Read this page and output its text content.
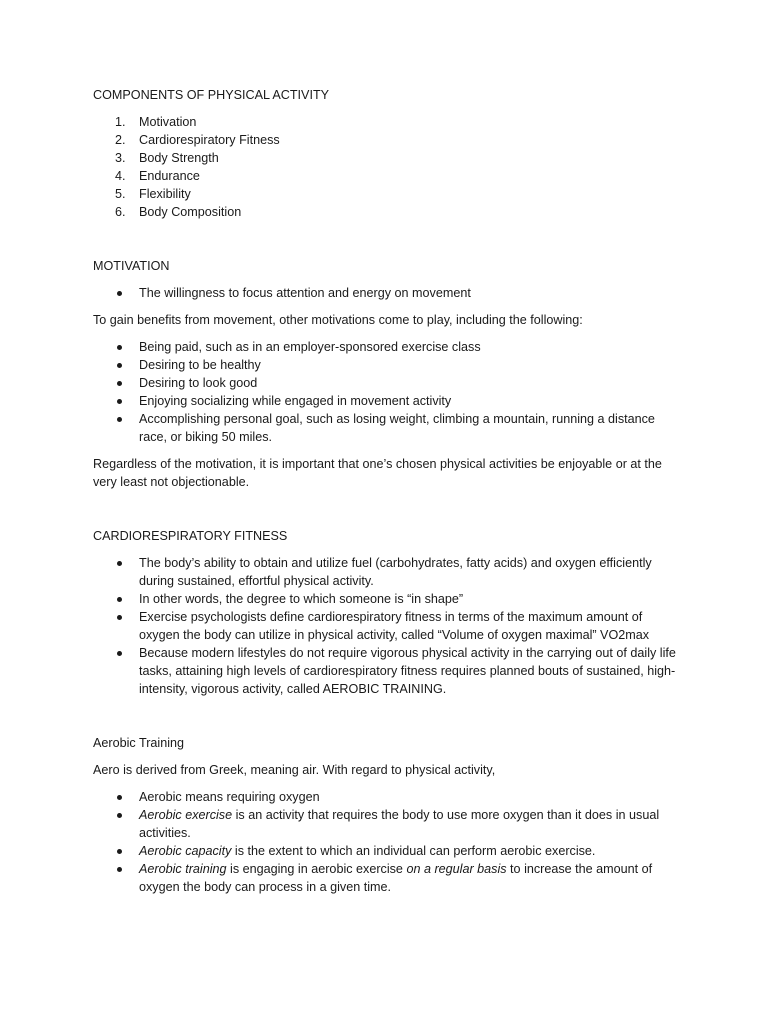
COMPONENTS OF PHYSICAL ACTIVITY
1. Motivation
2. Cardiorespiratory Fitness
3. Body Strength
4. Endurance
5. Flexibility
6. Body Composition
MOTIVATION
The willingness to focus attention and energy on movement

To gain benefits from movement, other motivations come to play, including the following:

Being paid, such as in an employer-sponsored exercise class
Desiring to be healthy
Desiring to look good
Enjoying socializing while engaged in movement activity
Accomplishing personal goal, such as losing weight, climbing a mountain, running a distance race, or biking 50 miles.

Regardless of the motivation, it is important that one’s chosen physical activities be enjoyable or at the very least not objectionable.

CARDIORESPIRATORY FITNESS
The body’s ability to obtain and utilize fuel (carbohydrates, fatty acids) and oxygen efficiently during sustained, effortful physical activity.
In other words, the degree to which someone is “in shape”
Exercise psychologists define cardiorespiratory fitness in terms of the maximum amount of oxygen the body can utilize in physical activity, called “Volume of oxygen maximal” VO2max
Because modern lifestyles do not require vigorous physical activity in the carrying out of daily life tasks, attaining high levels of cardiorespiratory fitness requires planned bouts of sustained, high-intensity, vigorous activity, called AEROBIC TRAINING.
Aerobic Training

Aero is derived from Greek, meaning air. With regard to physical activity,

Aerobic means requiring oxygen
Aerobic exercise is an activity that requires the body to use more oxygen than it does in usual activities.
Aerobic capacity is the extent to which an individual can perform aerobic exercise.
Aerobic training is engaging in aerobic exercise on a regular basis to increase the amount of oxygen the body can process in a given time.
